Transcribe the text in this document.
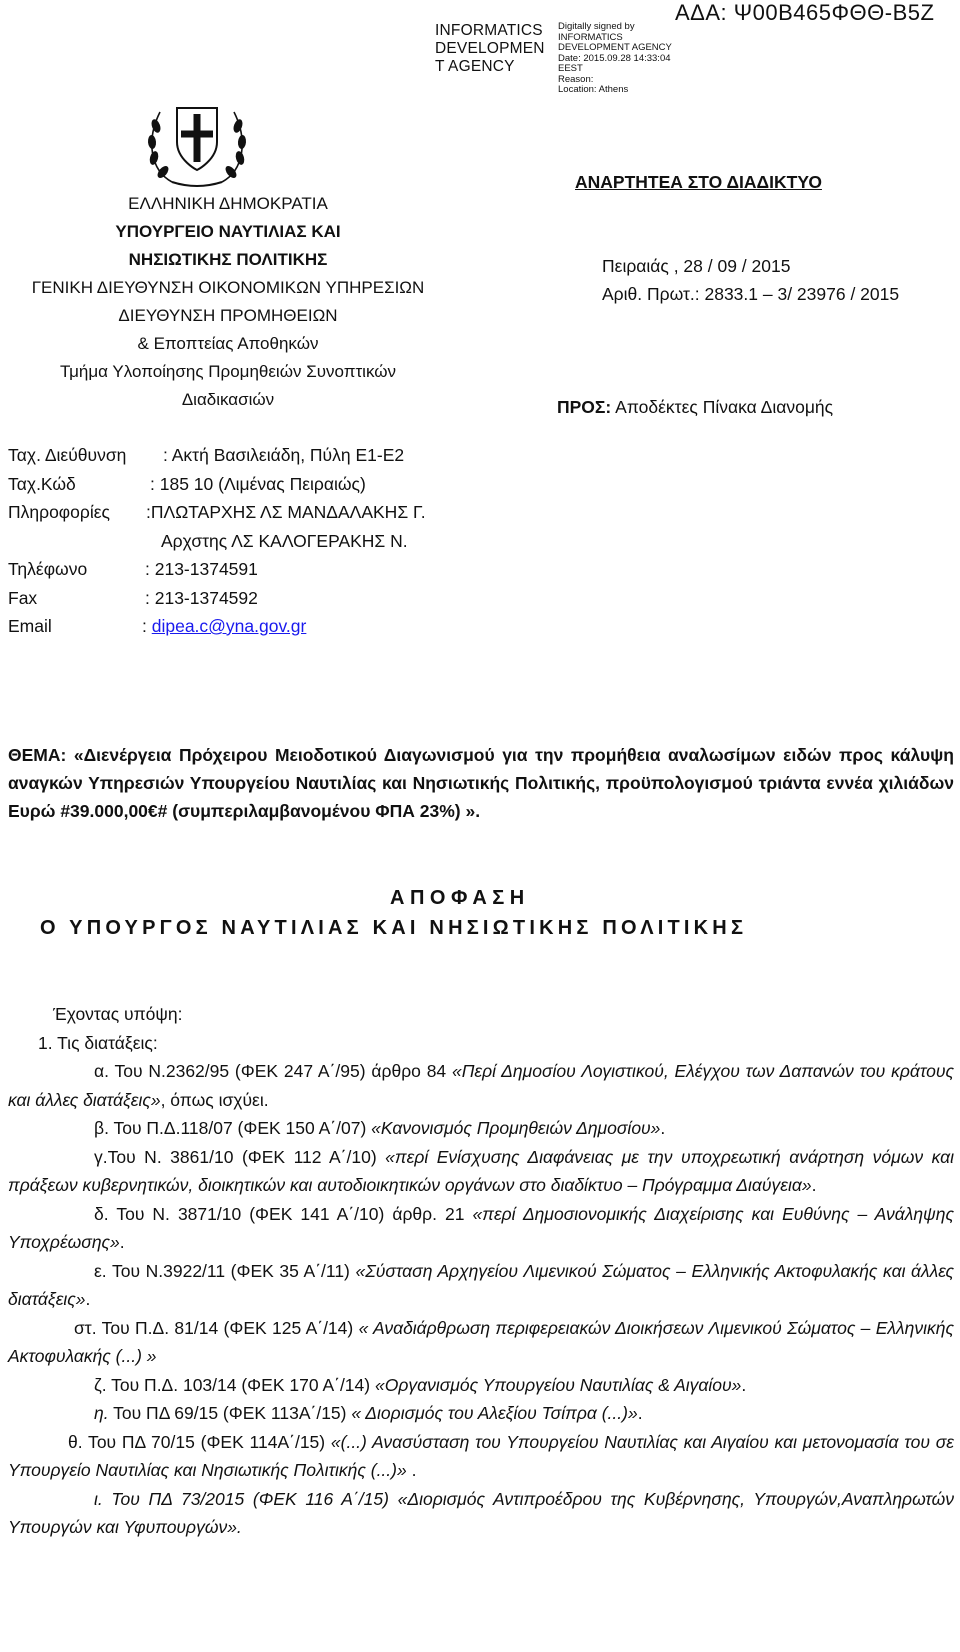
INFORMATICS
DEVELOPMEN
T AGENCY
Digitally signed by
INFORMATICS
DEVELOPMENT AGENCY
Date: 2015.09.28 14:33:04
EEST
Reason:
Location: Athens
ΑΔΑ: Ψ00Β465ΦΘΘ-Β5Ζ
ΕΛΛΗΝΙΚΗ ΔΗΜΟΚΡΑΤΙΑ
ΥΠΟΥΡΓΕΙΟ ΝΑΥΤΙΛΙΑΣ ΚΑΙ
ΝΗΣΙΩΤΙΚΗΣ ΠΟΛΙΤΙΚΗΣ
ΓΕΝΙΚΗ ΔΙΕΥΘΥΝΣΗ ΟΙΚΟΝΟΜΙΚΩΝ ΥΠΗΡΕΣΙΩΝ
ΔΙΕΥΘΥΝΣΗ ΠΡΟΜΗΘΕΙΩΝ
& Εποπτείας Αποθηκών
Τμήμα Υλοποίησης Προμηθειών Συνοπτικών
Διαδικασιών
ΑΝΑΡΤΗΤΕΑ ΣΤΟ ΔΙΑΔΙΚΤΥΟ
Πειραιάς , 28 / 09 / 2015
Αριθ. Πρωτ.: 2833.1 – 3/ 23976 / 2015
ΠΡΟΣ: Αποδέκτες Πίνακα Διανομής
Ταχ. Διεύθυνση : Ακτή Βασιλειάδη, Πύλη Ε1-Ε2
Ταχ.Κώδ	: 185 10 (Λιμένας Πειραιώς)
Πληροφορίες :ΠΛΩΤΑΡΧΗΣ ΛΣ ΜΑΝΔΑΛΑΚΗΣ Γ.
Αρχστης ΛΣ ΚΑΛΟΓΕΡΑΚΗΣ Ν.
Τηλέφωνο	: 213-1374591
Fax	: 213-1374592
Email	: dipea.c@yna.gov.gr
ΘΕΜΑ: «Διενέργεια Πρόχειρου Μειοδοτικού Διαγωνισμού για την προμήθεια αναλωσίμων ειδών προς κάλυψη αναγκών Υπηρεσιών Υπουργείου Ναυτιλίας και Νησιωτικής Πολιτικής, προϋπολογισμού τριάντα εννέα χιλιάδων Ευρώ #39.000,00€# (συμπεριλαμβανομένου ΦΠΑ 23%) ».
ΑΠΟΦΑΣΗ
Ο ΥΠΟΥΡΓΟΣ ΝΑΥΤΙΛΙΑΣ ΚΑΙ ΝΗΣΙΩΤΙΚΗΣ ΠΟΛΙΤΙΚΗΣ

Έχοντας υπόψη:

1. Τις διατάξεις:

α. Του Ν.2362/95 (ΦΕΚ 247 Α΄/95) άρθρο 84 «Περί Δημοσίου Λογιστικού, Ελέγχου των Δαπανών του κράτους και άλλες διατάξεις», όπως ισχύει.

β. Του Π.Δ.118/07 (ΦΕΚ 150 Α΄/07) «Κανονισμός Προμηθειών Δημοσίου».

γ.Του Ν. 3861/10 (ΦΕΚ 112 Α΄/10) «περί Ενίσχυσης Διαφάνειας με την υποχρεωτική ανάρτηση νόμων και πράξεων κυβερνητικών, διοικητικών και αυτοδιοικητικών οργάνων στο διαδίκτυο – Πρόγραμμα Διαύγεια».

δ. Του Ν. 3871/10 (ΦΕΚ 141 Α΄/10) άρθρ. 21 «περί Δημοσιονομικής Διαχείρισης και Ευθύνης – Ανάληψης Υποχρέωσης».

ε. Του Ν.3922/11 (ΦΕΚ 35 Α΄/11) «Σύσταση Αρχηγείου Λιμενικού Σώματος – Ελληνικής Ακτοφυλακής και άλλες διατάξεις».

στ. Του Π.Δ. 81/14 (ΦΕΚ 125 Α΄/14) « Αναδιάρθρωση περιφερειακών Διοικήσεων Λιμενικού Σώματος – Ελληνικής Ακτοφυλακής (...) »

ζ. Του Π.Δ. 103/14 (ΦΕΚ 170 Α΄/14) «Οργανισμός Υπουργείου Ναυτιλίας & Αιγαίου».

η. Του ΠΔ 69/15 (ΦΕΚ 113Α΄/15) « Διορισμός του Αλεξίου Τσίπρα (...)».

θ. Του ΠΔ 70/15 (ΦΕΚ 114Α΄/15) «(...) Ανασύσταση του Υπουργείου Ναυτιλίας και Αιγαίου και μετονομασία του σε Υπουργείο Ναυτιλίας και Νησιωτικής Πολιτικής (...)» .

ι. Του ΠΔ 73/2015 (ΦΕΚ 116 Α΄/15) «Διορισμός Αντιπροέδρου της Κυβέρνησης, Υπουργών,Αναπληρωτών Υπουργών και Υφυπουργών».
